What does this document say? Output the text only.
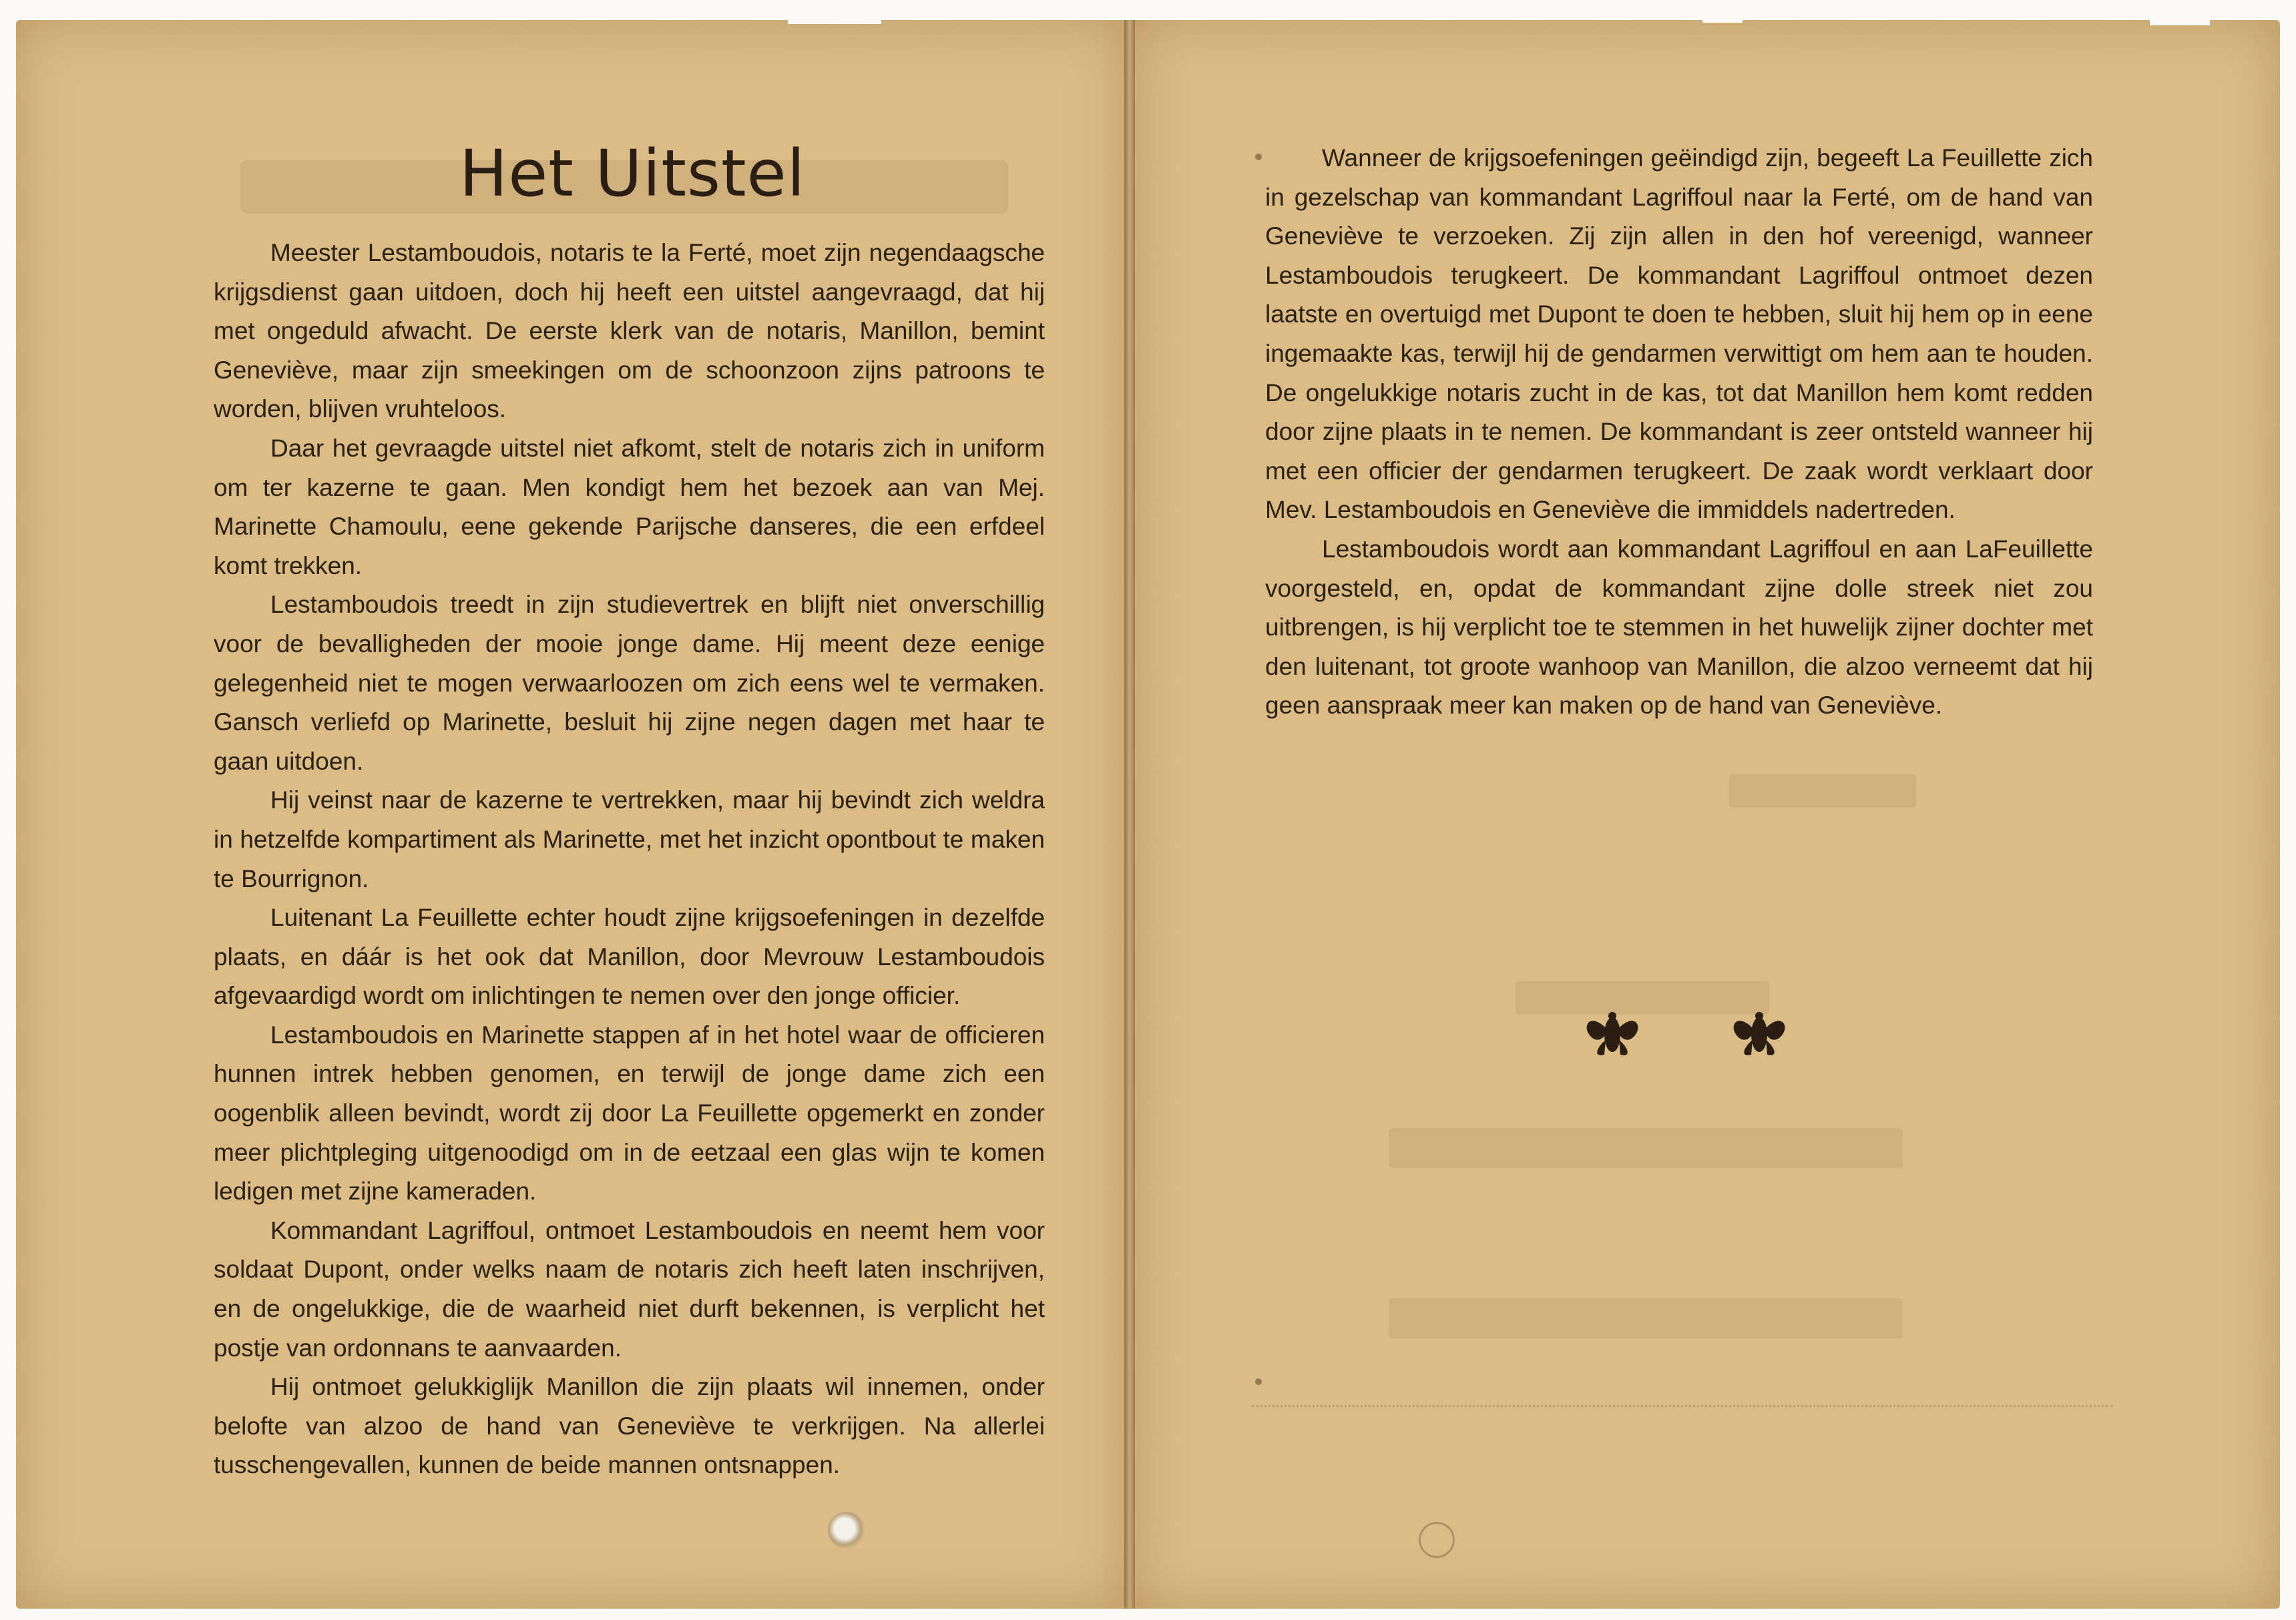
Het Uitstel

Meester Lestamboudois, notaris te la Ferté, moet zijn negendaagsche krijgsdienst gaan uitdoen, doch hij heeft een uitstel aangevraagd, dat hij met ongeduld afwacht. De eerste klerk van de notaris, Manillon, bemint Geneviève, maar zijn smeekingen om de schoonzoon zijns patroons te worden, blijven vruhteloos.

Daar het gevraagde uitstel niet afkomt, stelt de notaris zich in uniform om ter kazerne te gaan. Men kondigt hem het bezoek aan van Mej. Marinette Chamoulu, eene gekende Parijsche danseres, die een erfdeel komt trekken.

Lestamboudois treedt in zijn studievertrek en blijft niet onverschillig voor de bevalligheden der mooie jonge dame. Hij meent deze eenige gelegenheid niet te mogen verwaarloozen om zich eens wel te vermaken. Gansch verliefd op Marinette, besluit hij zijne negen dagen met haar te gaan uitdoen.

Hij veinst naar de kazerne te vertrekken, maar hij bevindt zich weldra in hetzelfde kompartiment als Marinette, met het inzicht opontbout te maken te Bourrignon.

Luitenant La Feuillette echter houdt zijne krijgsoefeningen in dezelfde plaats, en dáár is het ook dat Manillon, door Mevrouw Lestamboudois afgevaardigd wordt om inlichtingen te nemen over den jonge officier.

Lestamboudois en Marinette stappen af in het hotel waar de officieren hunnen intrek hebben genomen, en terwijl de jonge dame zich een oogenblik alleen bevindt, wordt zij door La Feuillette opgemerkt en zonder meer plichtpleging uitgenoodigd om in de eetzaal een glas wijn te komen ledigen met zijne kameraden.

Kommandant Lagriffoul, ontmoet Lestamboudois en neemt hem voor soldaat Dupont, onder welks naam de notaris zich heeft laten inschrijven, en de ongelukkige, die de waarheid niet durft bekennen, is verplicht het postje van ordonnans te aanvaarden.

Hij ontmoet gelukkiglijk Manillon die zijn plaats wil innemen, onder belofte van alzoo de hand van Geneviève te verkrijgen. Na allerlei tusschengevallen, kunnen de beide mannen ontsnappen.

Wanneer de krijgsoefeningen geëindigd zijn, begeeft La Feuillette zich in gezelschap van kommandant Lagriffoul naar la Ferté, om de hand van Geneviève te verzoeken. Zij zijn allen in den hof vereenigd, wanneer Lestamboudois terugkeert. De kommandant Lagriffoul ontmoet dezen laatste en overtuigd met Dupont te doen te hebben, sluit hij hem op in eene ingemaakte kas, terwijl hij de gendarmen verwittigt om hem aan te houden. De ongelukkige notaris zucht in de kas, tot dat Manillon hem komt redden door zijne plaats in te nemen. De kommandant is zeer ontsteld wanneer hij met een officier der gendarmen terugkeert. De zaak wordt verklaart door Mev. Lestamboudois en Geneviève die immiddels nadertreden.

Lestamboudois wordt aan kommandant Lagriffoul en aan LaFeuillette voorgesteld, en, opdat de kommandant zijne dolle streek niet zou uitbrengen, is hij verplicht toe te stemmen in het huwelijk zijner dochter met den luitenant, tot groote wanhoop van Manillon, die alzoo verneemt dat hij geen aanspraak meer kan maken op de hand van Geneviève.
